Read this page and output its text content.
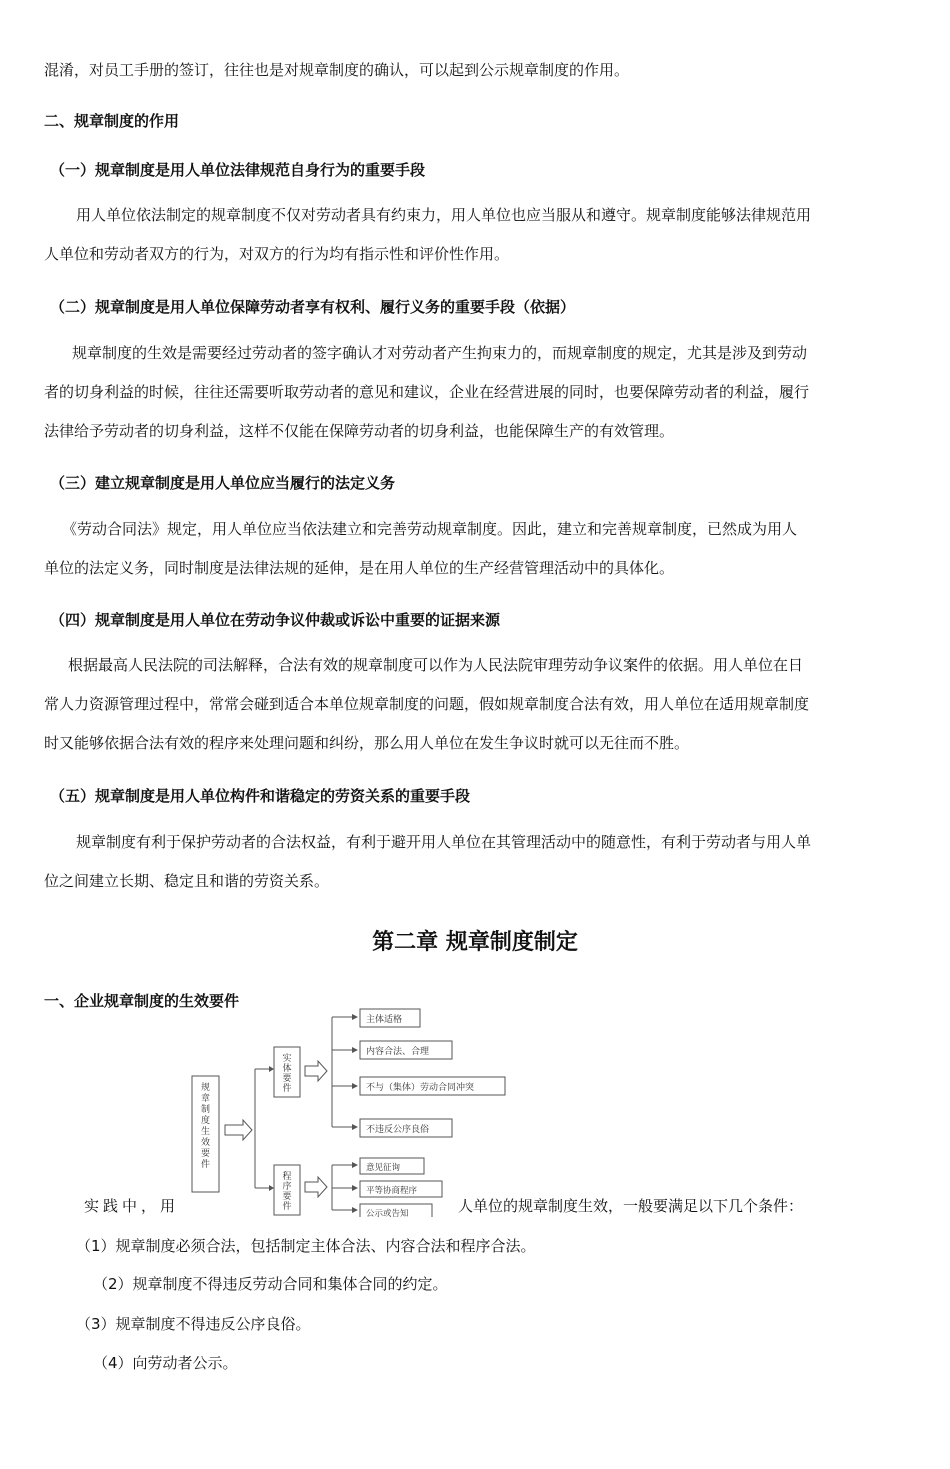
混淆，对员工手册的签订，往往也是对规章制度的确认，可以起到公示规章制度的作用。

二、规章制度的作用
（一）规章制度是用人单位法律规范自身行为的重要手段

用人单位依法制定的规章制度不仅对劳动者具有约束力，用人单位也应当服从和遵守。规章制度能够法律规范用
人单位和劳动者双方的行为，对双方的行为均有指示性和评价性作用。

（二）规章制度是用人单位保障劳动者享有权利、履行义务的重要手段（依据）

规章制度的生效是需要经过劳动者的签字确认才对劳动者产生拘束力的，而规章制度的规定，尤其是涉及到劳动
者的切身利益的时候，往往还需要听取劳动者的意见和建议，企业在经营进展的同时，也要保障劳动者的利益，履行
法律给予劳动者的切身利益，这样不仅能在保障劳动者的切身利益，也能保障生产的有效管理。

（三）建立规章制度是用人单位应当履行的法定义务

《劳动合同法》规定，用人单位应当依法建立和完善劳动规章制度。因此，建立和完善规章制度，已然成为用人
单位的法定义务，同时制度是法律法规的延伸，是在用人单位的生产经营管理活动中的具体化。

（四）规章制度是用人单位在劳动争议仲裁或诉讼中重要的证据来源

根据最高人民法院的司法解释，合法有效的规章制度可以作为人民法院审理劳动争议案件的依据。用人单位在日
常人力资源管理过程中，常常会碰到适合本单位规章制度的问题，假如规章制度合法有效，用人单位在适用规章制度
时又能够依据合法有效的程序来处理问题和纠纷，那么用人单位在发生争议时就可以无往而不胜。

（五）规章制度是用人单位构件和谐稳定的劳资关系的重要手段

规章制度有利于保护劳动者的合法权益，有利于避开用人单位在其管理活动中的随意性，有利于劳动者与用人单
位之间建立长期、稳定且和谐的劳资关系。

第二章 规章制度制定
一、企业规章制度的生效要件
规章制度生效要件
实体要件
程序要件
主体适格
内容合法、合理
不与（集体）劳动合同冲突
不违反公序良俗
意见征询
平等协商程序
公示或告知
实践中，用	人单位的规章制度生效，一般要满足以下几个条件：
（1）规章制度必须合法，包括制定主体合法、内容合法和程序合法。
（2）规章制度不得违反劳动合同和集体合同的约定。
（3）规章制度不得违反公序良俗。
（4）向劳动者公示。
